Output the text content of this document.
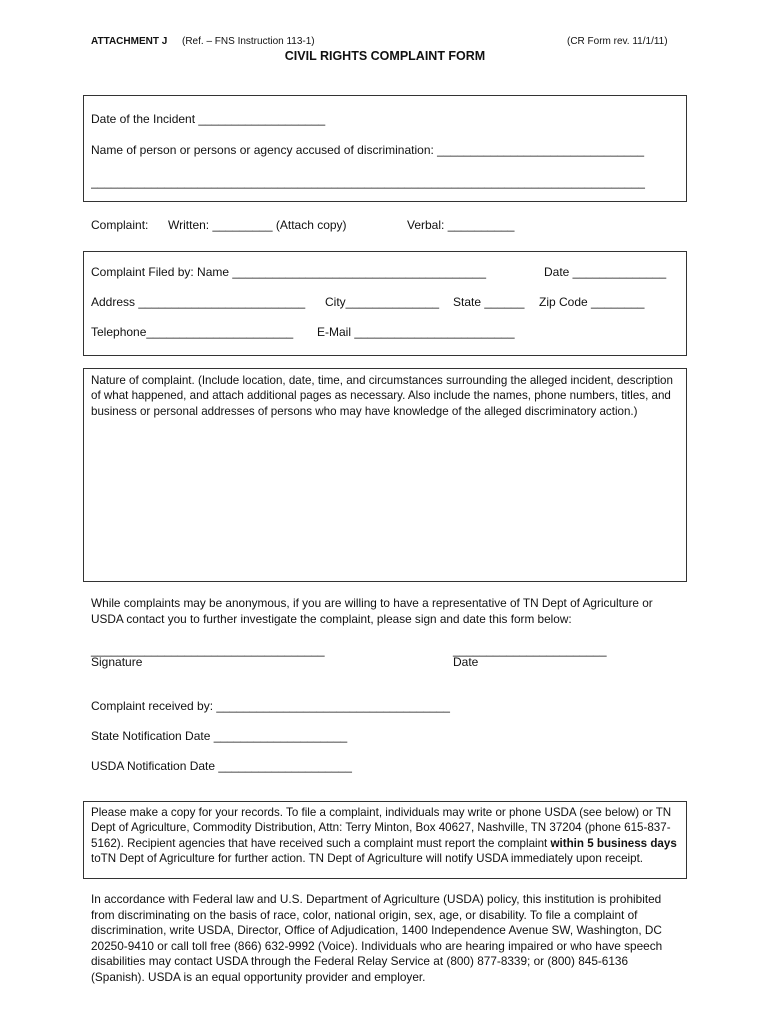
ATTACHMENT J (Ref. – FNS Instruction 113-1)	(CR Form rev. 11/1/11)
CIVIL RIGHTS COMPLAINT FORM
Date of the Incident ___________________
Name of person or persons or agency accused of discrimination: _______________________________
___________________________________________________________________________________
Complaint: Written: _________ (Attach copy)	Verbal: __________
Complaint Filed by: Name ______________________________________	Date ______________
Address _________________________ City______________ State ______ Zip Code ________
Telephone______________________ E-Mail ________________________
Nature of complaint. (Include location, date, time, and circumstances surrounding the alleged incident, description of what happened, and attach additional pages as necessary. Also include the names, phone numbers, titles, and business or personal addresses of persons who may have knowledge of the alleged discriminatory action.)
While complaints may be anonymous, if you are willing to have a representative of TN Dept of Agriculture or USDA contact you to further investigate the complaint, please sign and date this form below:
___________________________________
Signature
_______________________
Date
Complaint received by: ___________________________________
State Notification Date ____________________
USDA Notification Date ____________________
Please make a copy for your records. To file a complaint, individuals may write or phone USDA (see below) or TN Dept of Agriculture, Commodity Distribution, Attn: Terry Minton, Box 40627, Nashville, TN 37204 (phone 615-837-5162). Recipient agencies that have received such a complaint must report the complaint within 5 business days toTN Dept of Agriculture for further action. TN Dept of Agriculture will notify USDA immediately upon receipt.
In accordance with Federal law and U.S. Department of Agriculture (USDA) policy, this institution is prohibited from discriminating on the basis of race, color, national origin, sex, age, or disability. To file a complaint of discrimination, write USDA, Director, Office of Adjudication, 1400 Independence Avenue SW, Washington, DC 20250-9410 or call toll free (866) 632-9992 (Voice). Individuals who are hearing impaired or who have speech disabilities may contact USDA through the Federal Relay Service at (800) 877-8339; or (800) 845-6136 (Spanish). USDA is an equal opportunity provider and employer.
